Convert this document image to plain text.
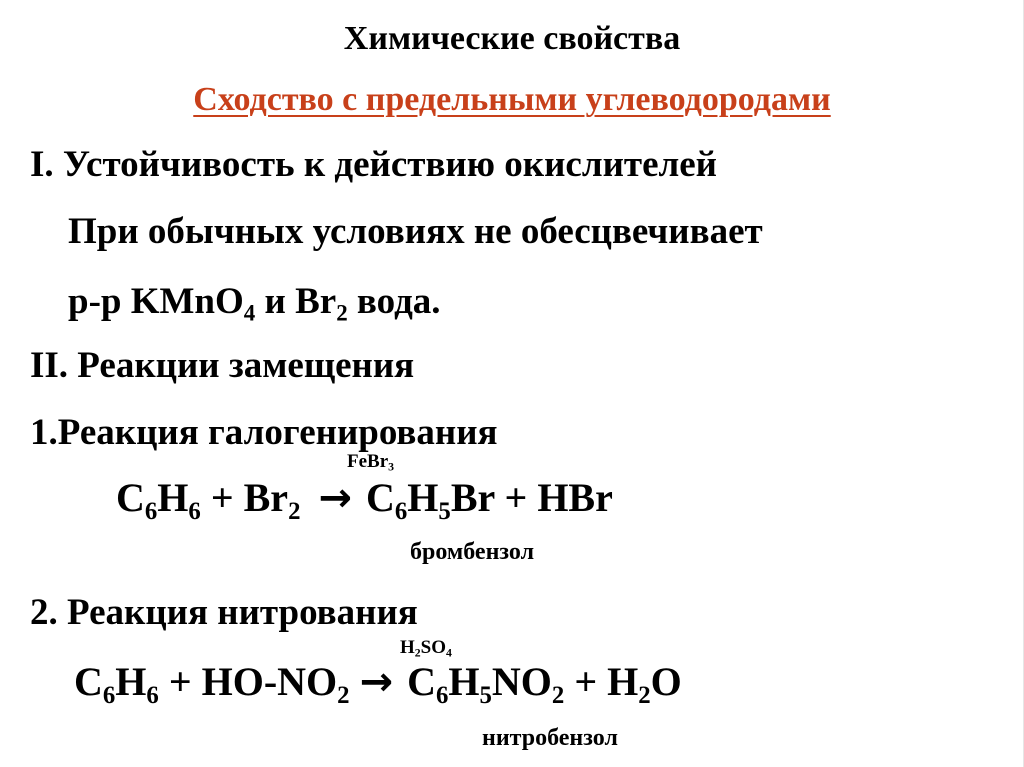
Химические свойства
Сходство с предельными углеводородами
I. Устойчивость к действию окислителей
При обычных условиях не обесцвечивает
р-р KMnO$_4$ и $Br_2$ вода.
II. Реакции замещения
1.Реакция галогенирования
FeBr3
$C_6H_6 + Br_2 \to C_6H_5Br$ + HBr
бромбензол
2. Реакция нитрования
H2SO4
$C_6H_6 + HO-NO_2 \to C_6H_5NO_2 + H_2O$
нитробензол
